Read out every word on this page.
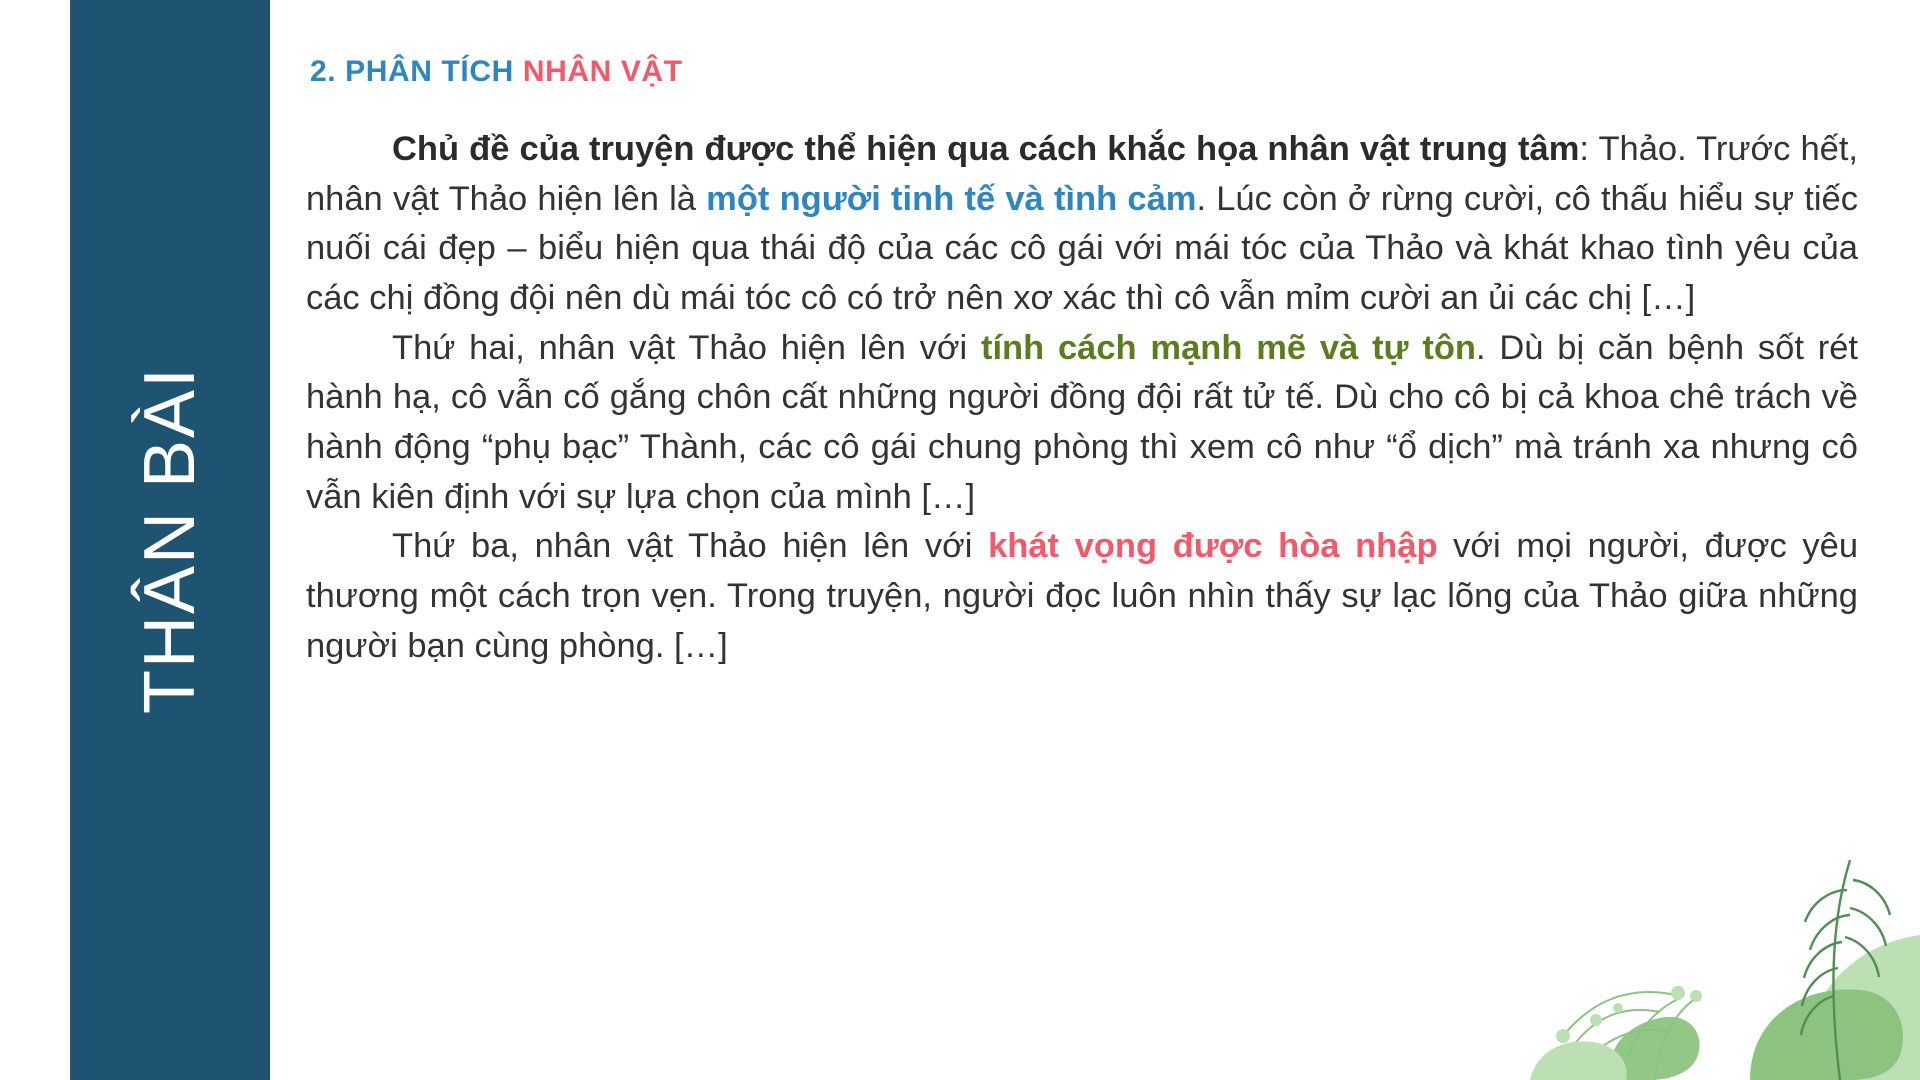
THÂN BÀI
2. PHÂN TÍCH NHÂN VẬT

Chủ đề của truyện được thể hiện qua cách khắc họa nhân vật trung tâm: Thảo. Trước hết, nhân vật Thảo hiện lên là một người tinh tế và tình cảm. Lúc còn ở rừng cười, cô thấu hiểu sự tiếc nuối cái đẹp – biểu hiện qua thái độ của các cô gái với mái tóc của Thảo và khát khao tình yêu của các chị đồng đội nên dù mái tóc cô có trở nên xơ xác thì cô vẫn mỉm cười an ủi các chị […]

Thứ hai, nhân vật Thảo hiện lên với tính cách mạnh mẽ và tự tôn. Dù bị căn bệnh sốt rét hành hạ, cô vẫn cố gắng chôn cất những người đồng đội rất tử tế. Dù cho cô bị cả khoa chê trách về hành động “phụ bạc” Thành, các cô gái chung phòng thì xem cô như “ổ dịch” mà tránh xa nhưng cô vẫn kiên định với sự lựa chọn của mình […]

Thứ ba, nhân vật Thảo hiện lên với khát vọng được hòa nhập với mọi người, được yêu thương một cách trọn vẹn. Trong truyện, người đọc luôn nhìn thấy sự lạc lõng của Thảo giữa những người bạn cùng phòng. […]
